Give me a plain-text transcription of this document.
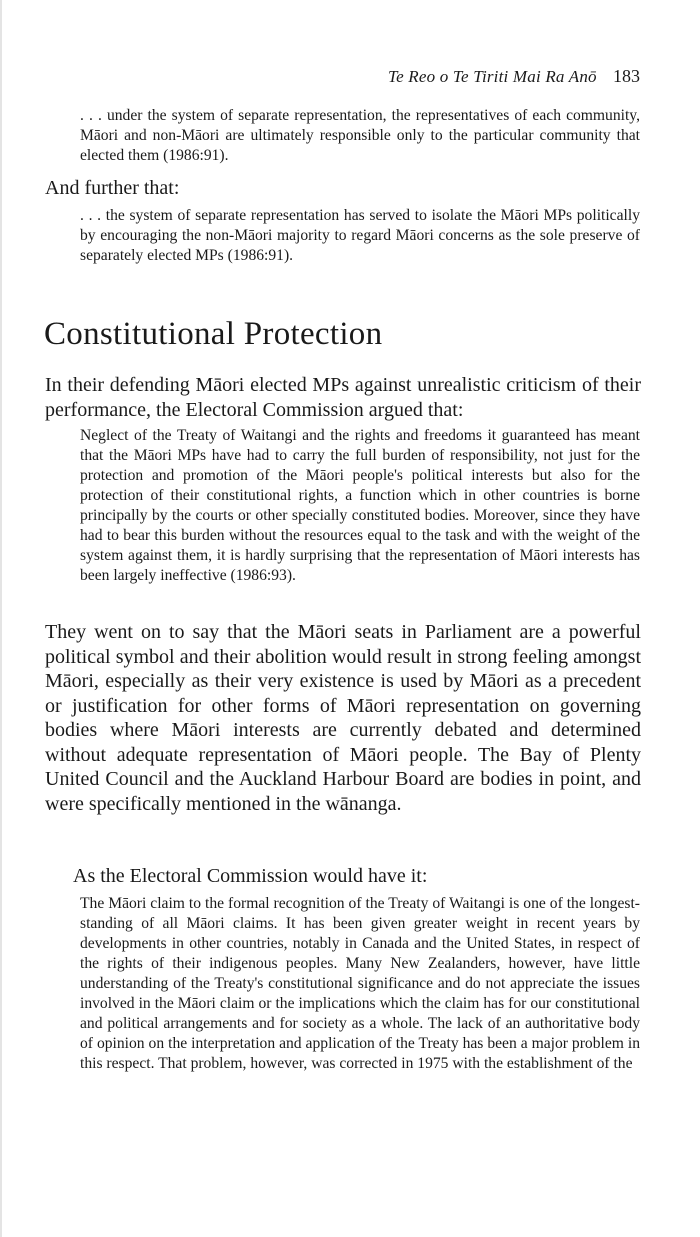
Te Reo o Te Tiriti Mai Ra Anō 183

. . . under the system of separate representation, the representatives of each community, Māori and non-Māori are ultimately responsible only to the particular community that elected them (1986:91).

And further that:

. . . the system of separate representation has served to isolate the Māori MPs politically by encouraging the non-Māori majority to regard Māori concerns as the sole preserve of separately elected MPs (1986:91).

Constitutional Protection

In their defending Māori elected MPs against unrealistic criticism of their performance, the Electoral Commission argued that:

Neglect of the Treaty of Waitangi and the rights and freedoms it guaranteed has meant that the Māori MPs have had to carry the full burden of responsibility, not just for the protection and promotion of the Māori people's political interests but also for the protection of their constitutional rights, a function which in other countries is borne principally by the courts or other specially constituted bodies. Moreover, since they have had to bear this burden without the resources equal to the task and with the weight of the system against them, it is hardly surprising that the representation of Māori interests has been largely ineffective (1986:93).

They went on to say that the Māori seats in Parliament are a powerful political symbol and their abolition would result in strong feeling amongst Māori, especially as their very existence is used by Māori as a precedent or justification for other forms of Māori representation on governing bodies where Māori interests are currently debated and determined without adequate representation of Māori people. The Bay of Plenty United Council and the Auckland Harbour Board are bodies in point, and were specifically mentioned in the wānanga.

As the Electoral Commission would have it:

The Māori claim to the formal recognition of the Treaty of Waitangi is one of the longest-standing of all Māori claims. It has been given greater weight in recent years by developments in other countries, notably in Canada and the United States, in respect of the rights of their indigenous peoples. Many New Zealanders, however, have little understanding of the Treaty's constitutional significance and do not appreciate the issues involved in the Māori claim or the implications which the claim has for our constitutional and political arrangements and for society as a whole. The lack of an authoritative body of opinion on the interpretation and application of the Treaty has been a major problem in this respect. That problem, however, was corrected in 1975 with the establishment of the
